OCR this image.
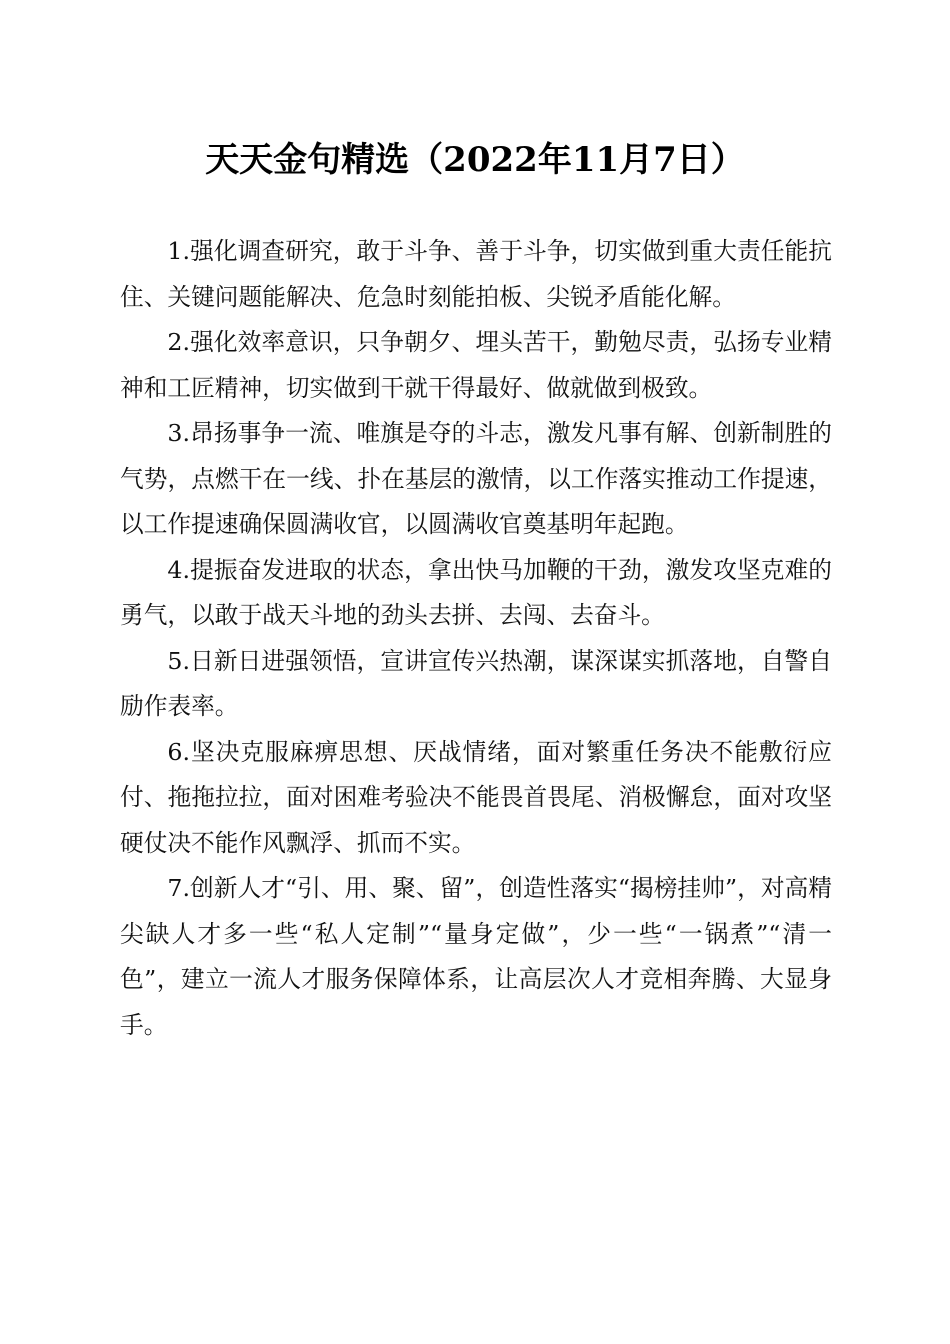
天天金句精选（2022年11月7日）

1.强化调查研究，敢于斗争、善于斗争，切实做到重大责任能抗住、关键问题能解决、危急时刻能拍板、尖锐矛盾能化解。

2.强化效率意识，只争朝夕、埋头苦干，勤勉尽责，弘扬专业精神和工匠精神，切实做到干就干得最好、做就做到极致。

3.昂扬事争一流、唯旗是夺的斗志，激发凡事有解、创新制胜的气势，点燃干在一线、扑在基层的激情，以工作落实推动工作提速，以工作提速确保圆满收官，以圆满收官奠基明年起跑。

4.提振奋发进取的状态，拿出快马加鞭的干劲，激发攻坚克难的勇气，以敢于战天斗地的劲头去拼、去闯、去奋斗。

5.日新日进强领悟，宣讲宣传兴热潮，谋深谋实抓落地，自警自励作表率。

6.坚决克服麻痹思想、厌战情绪，面对繁重任务决不能敷衍应付、拖拖拉拉，面对困难考验决不能畏首畏尾、消极懈怠，面对攻坚硬仗决不能作风飘浮、抓而不实。

7.创新人才“引、用、聚、留”，创造性落实“揭榜挂帅”，对高精尖缺人才多一些“私人定制”“量身定做”，少一些“一锅煮”“清一色”，建立一流人才服务保障体系，让高层次人才竞相奔腾、大显身手。
